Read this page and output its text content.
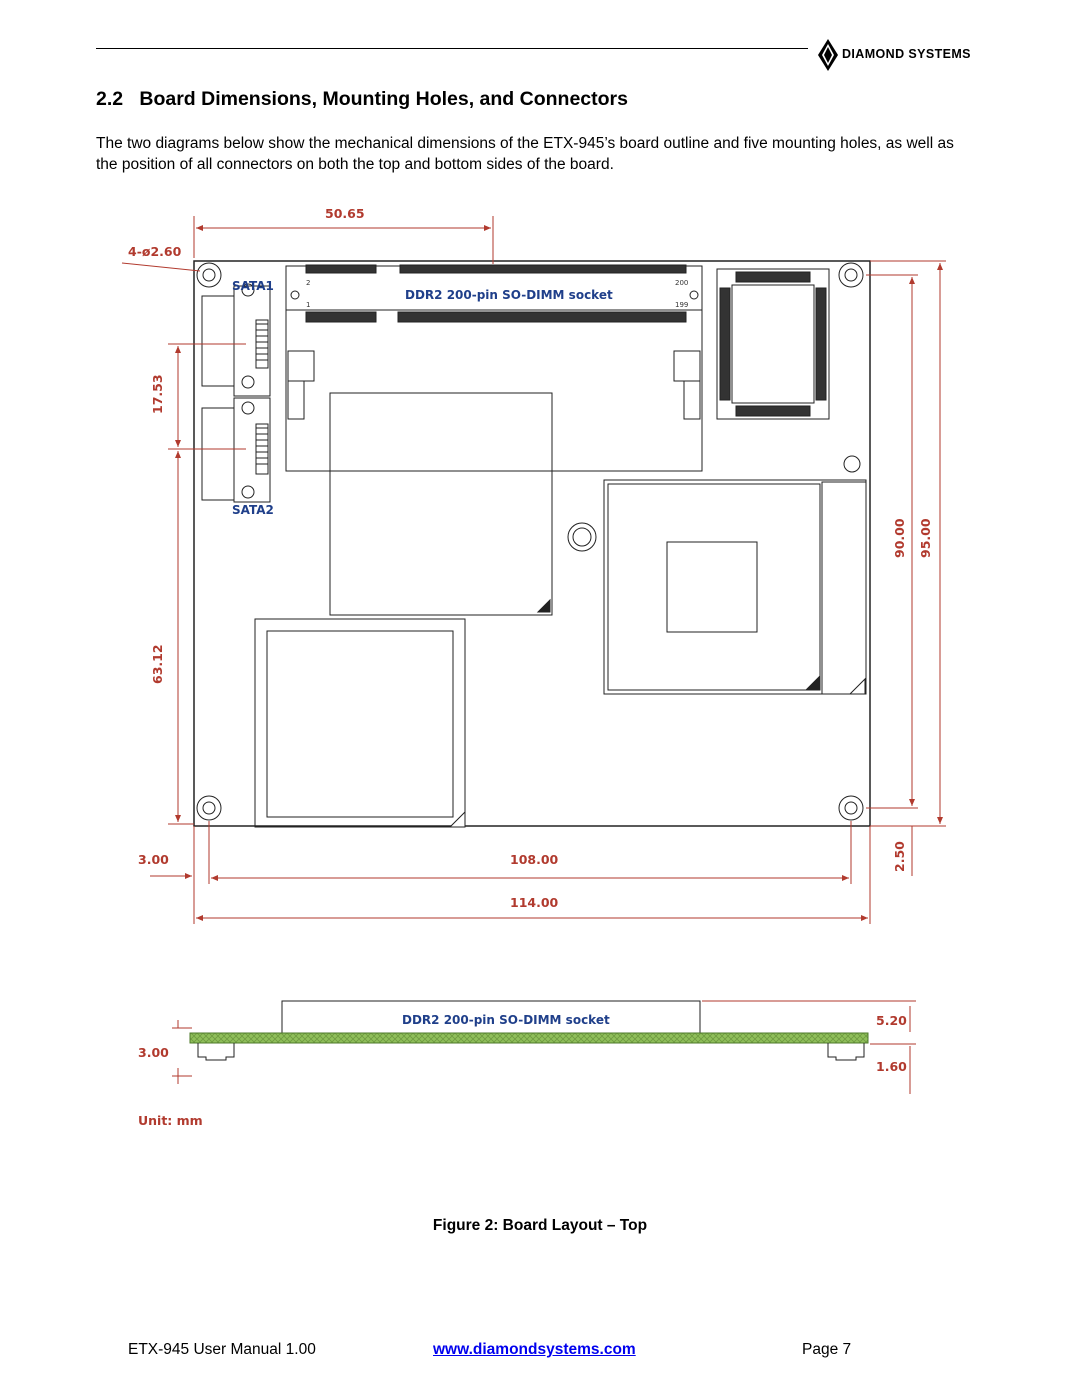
DIAMOND SYSTEMS
2.2   Board Dimensions, Mounting Holes, and Connectors
The two diagrams below show the mechanical dimensions of the ETX-945’s board outline and five mounting holes, as well as the position of all connectors on both the top and bottom sides of the board.
SATA1
SATA2
DDR2 200-pin SO-DIMM socket
2	200
1	199
50.65
4-ø2.60
17.53
63.12
90.00 95.00
3.00	108.00	2.50
114.00
DDR2 200-pin SO-DIMM socket
3.00
5.20
1.60
Unit: mm
Figure 2: Board Layout – Top
ETX-945 User Manual 1.00	www.diamondsystems.com	Page 7
